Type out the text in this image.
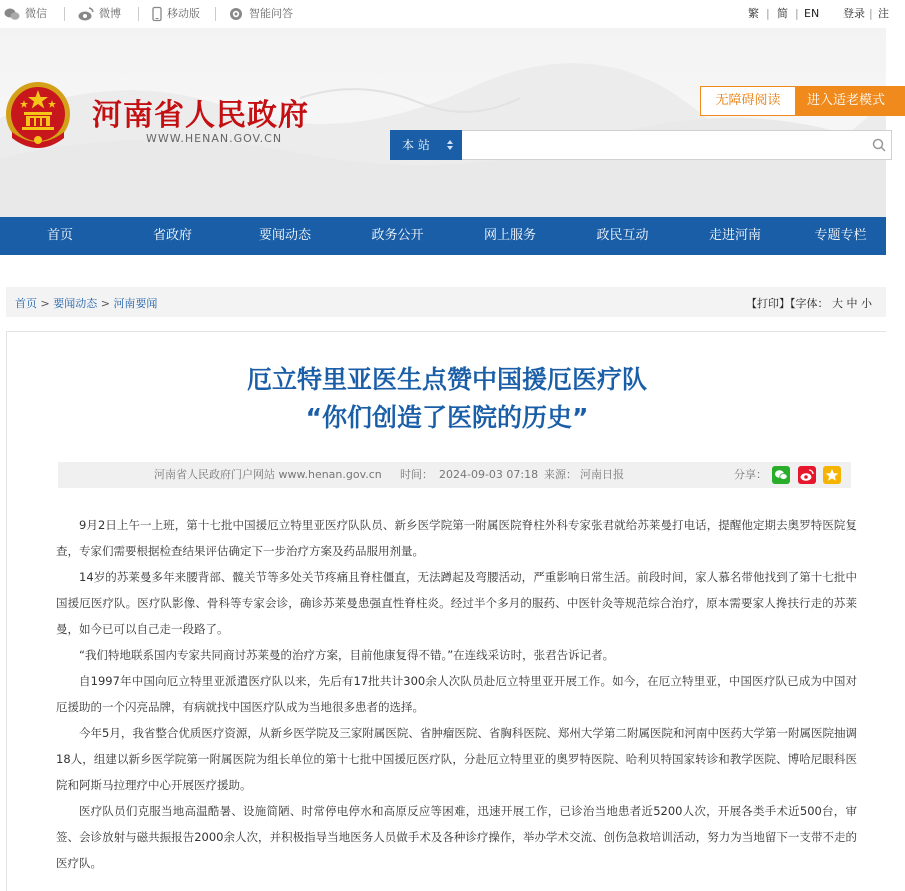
微信	微博	移动版	智能问答	繁 | 简 | EN 登录 | 注
河南省人民政府
WWW.HENAN.GOV.CN
无障碍阅读	进入适老模式
本 站
首页	省政府	要闻动态	政务公开	网上服务	政民互动	走进河南	专题专栏
首页 > 要闻动态 > 河南要闻	【打印】【字体： 大 中 小
厄立特里亚医生点赞中国援厄医疗队
“你们创造了医院的历史”
河南省人民政府门户网站 www.henan.gov.cn 时间： 2024-09-03 07:18 来源： 河南日报	分享：

9月2日上午一上班，第十七批中国援厄立特里亚医疗队队员、新乡医学院第一附属医院脊柱外科专家张君就给苏莱曼打电话，提醒他定期去奥罗特医院复查，专家们需要根据检查结果评估确定下一步治疗方案及药品服用剂量。

14岁的苏莱曼多年来腰背部、髋关节等多处关节疼痛且脊柱僵直，无法蹲起及弯腰活动，严重影响日常生活。前段时间，家人慕名带他找到了第十七批中国援厄医疗队。医疗队影像、骨科等专家会诊，确诊苏莱曼患强直性脊柱炎。经过半个多月的服药、中医针灸等规范综合治疗，原本需要家人搀扶行走的苏莱曼，如今已可以自己走一段路了。

“我们特地联系国内专家共同商讨苏莱曼的治疗方案，目前他康复得不错。”在连线采访时，张君告诉记者。

自1997年中国向厄立特里亚派遣医疗队以来，先后有17批共计300余人次队员赴厄立特里亚开展工作。如今，在厄立特里亚，中国医疗队已成为中国对厄援助的一个闪亮品牌，有病就找中国医疗队成为当地很多患者的选择。

今年5月，我省整合优质医疗资源，从新乡医学院及三家附属医院、省肿瘤医院、省胸科医院、郑州大学第二附属医院和河南中医药大学第一附属医院抽调18人，组建以新乡医学院第一附属医院为组长单位的第十七批中国援厄医疗队，分赴厄立特里亚的奥罗特医院、哈利贝特国家转诊和教学医院、博哈尼眼科医院和阿斯马拉理疗中心开展医疗援助。

医疗队员们克服当地高温酷暑、设施简陋、时常停电停水和高原反应等困难，迅速开展工作，已诊治当地患者近5200人次，开展各类手术近500台，审签、会诊放射与磁共振报告2000余人次，并积极指导当地医务人员做手术及各种诊疗操作，举办学术交流、创伤急救培训活动，努力为当地留下一支带不走的医疗队。
